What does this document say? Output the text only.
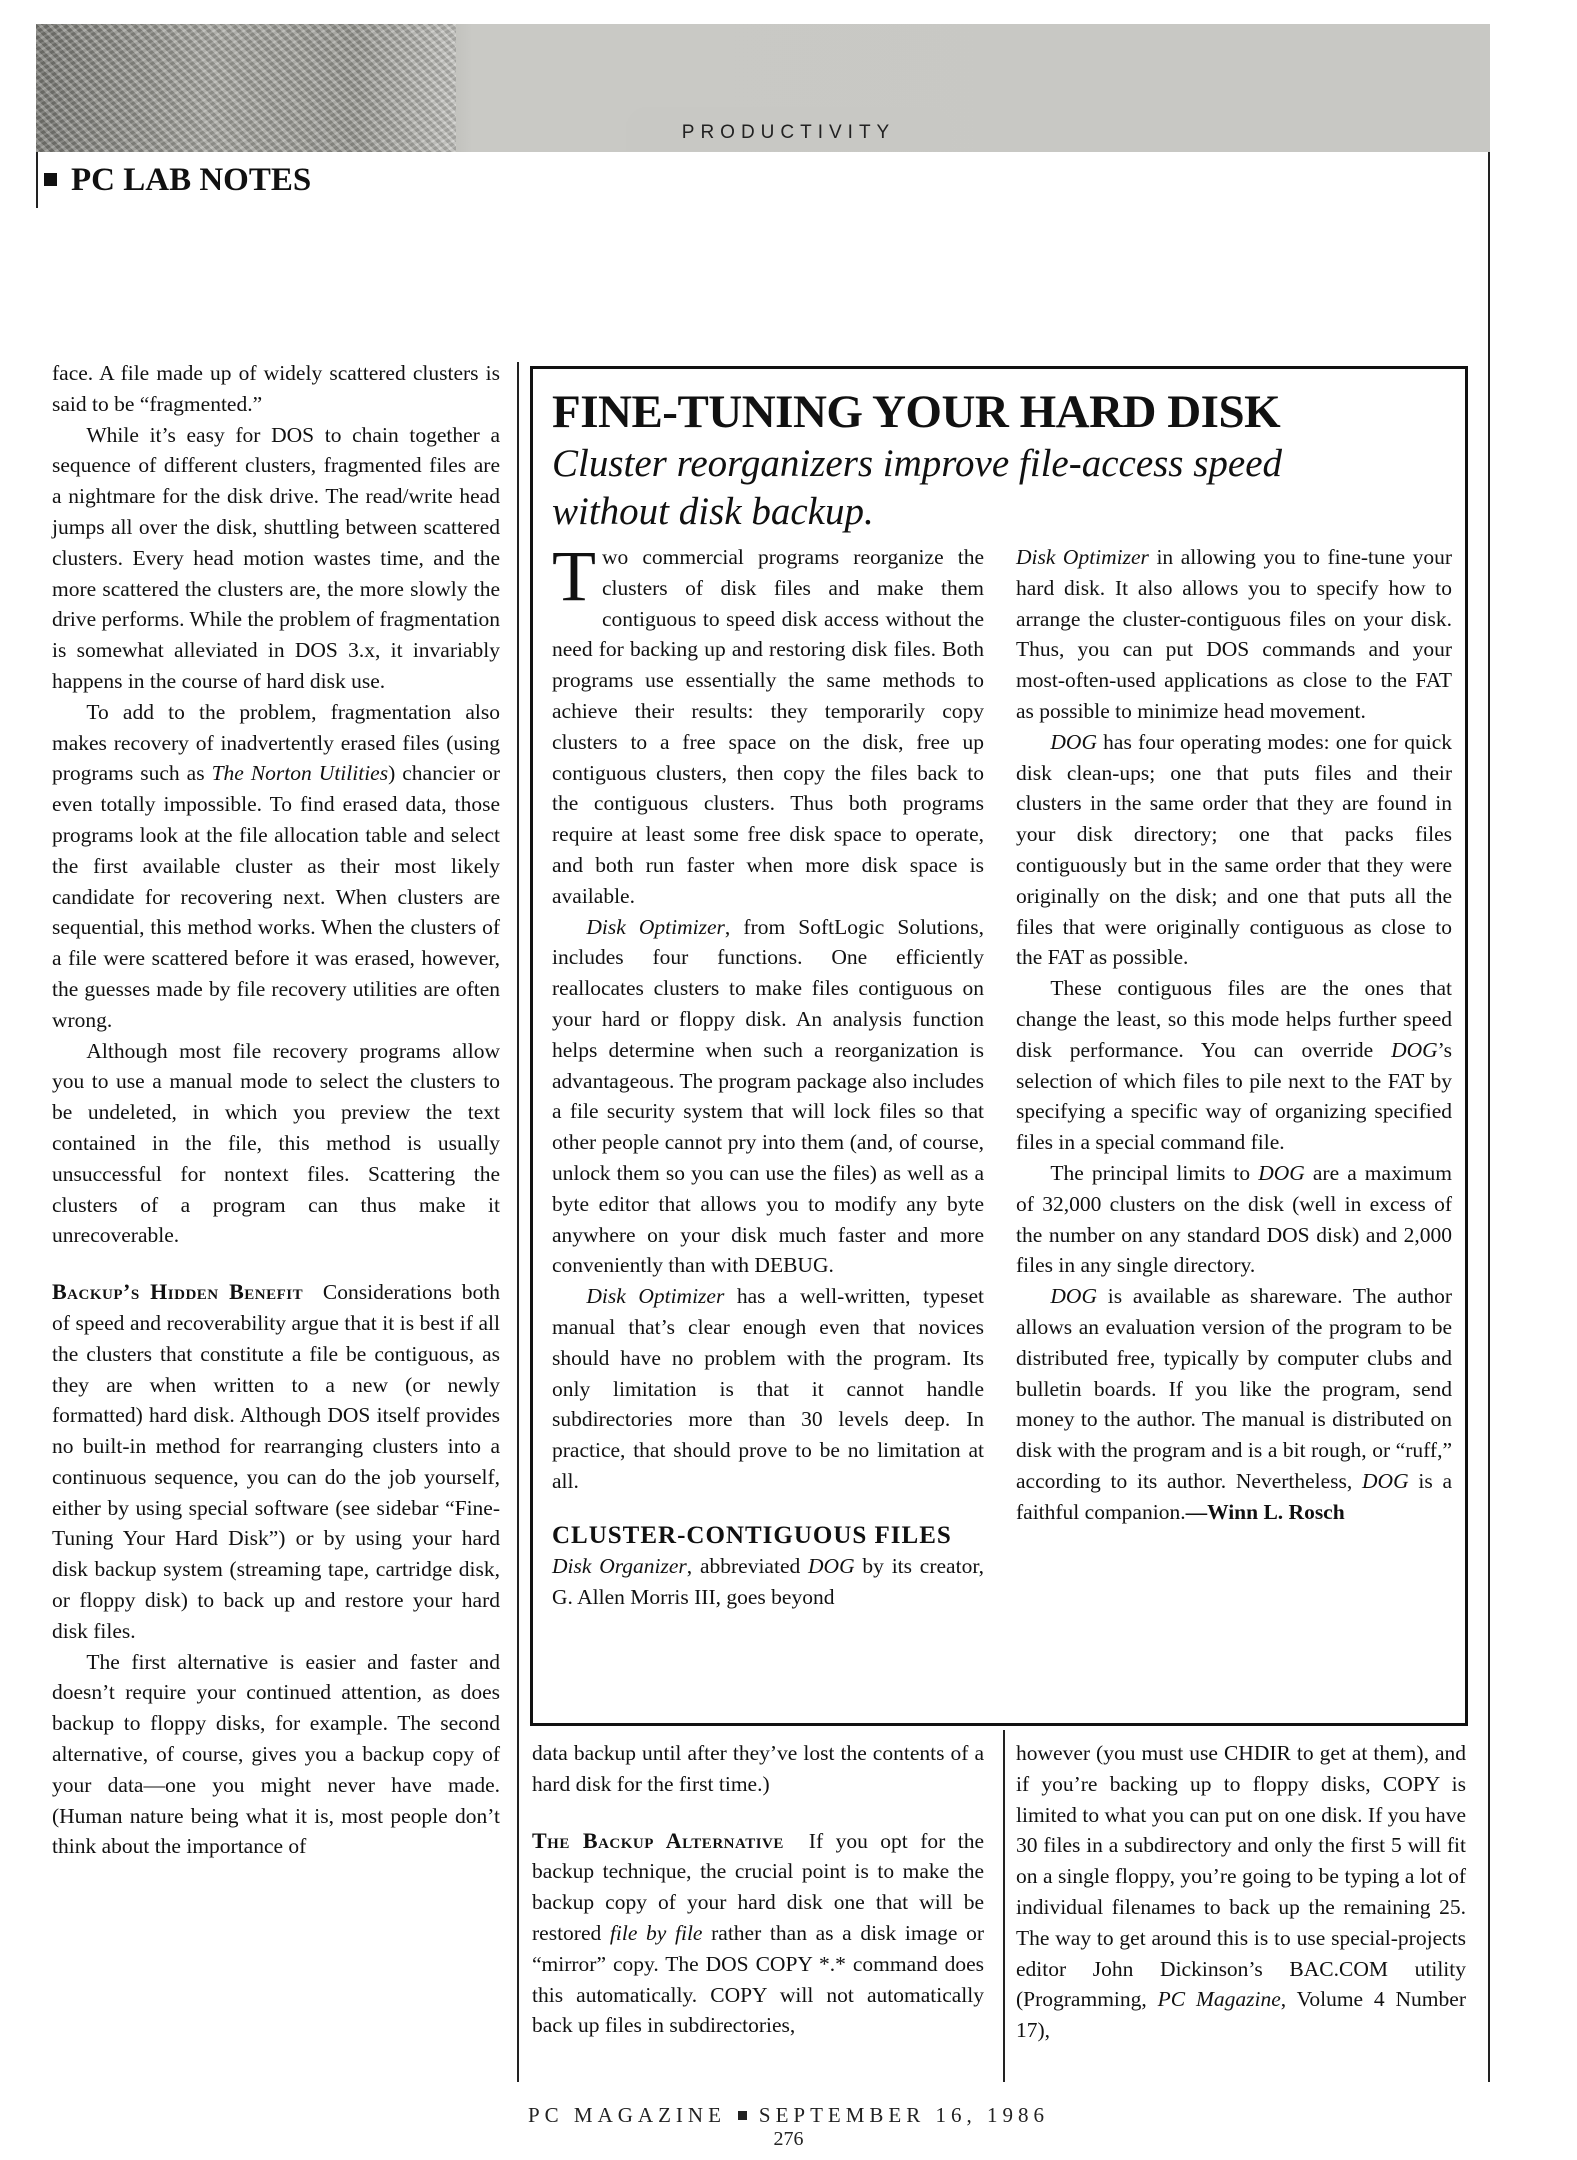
PRODUCTIVITY
PC LAB NOTES

face. A file made up of widely scattered clusters is said to be “fragmented.”

While it’s easy for DOS to chain together a sequence of different clusters, fragmented files are a nightmare for the disk drive. The read/write head jumps all over the disk, shuttling between scattered clusters. Every head motion wastes time, and the more scattered the clusters are, the more slowly the drive performs. While the problem of fragmentation is somewhat alleviated in DOS 3.x, it invariably happens in the course of hard disk use.

To add to the problem, fragmentation also makes recovery of inadvertently erased files (using programs such as The Norton Utilities) chancier or even totally impossible. To find erased data, those programs look at the file allocation table and select the first available cluster as their most likely candidate for recovering next. When clusters are sequential, this method works. When the clusters of a file were scattered before it was erased, however, the guesses made by file recovery utilities are often wrong.

Although most file recovery programs allow you to use a manual mode to select the clusters to be undeleted, in which you preview the text contained in the file, this method is usually unsuccessful for nontext files. Scattering the clusters of a program can thus make it unrecoverable.

Backup’s Hidden Benefit Considerations both of speed and recoverability argue that it is best if all the clusters that constitute a file be contiguous, as they are when written to a new (or newly formatted) hard disk. Although DOS itself provides no built-in method for rearranging clusters into a continuous sequence, you can do the job yourself, either by using special software (see sidebar “Fine-Tuning Your Hard Disk”) or by using your hard disk backup system (streaming tape, cartridge disk, or floppy disk) to back up and restore your hard disk files.

The first alternative is easier and faster and doesn’t require your continued attention, as does backup to floppy disks, for example. The second alternative, of course, gives you a backup copy of your data—one you might never have made. (Human nature being what it is, most people don’t think about the importance of

FINE-TUNING YOUR HARD DISK
Cluster reorganizers improve file-access speed without disk backup.

Two commercial programs reorganize the clusters of disk files and make them contiguous to speed disk access without the need for backing up and restoring disk files. Both programs use essentially the same methods to achieve their results: they temporarily copy clusters to a free space on the disk, free up contiguous clusters, then copy the files back to the contiguous clusters. Thus both programs require at least some free disk space to operate, and both run faster when more disk space is available.

Disk Optimizer, from SoftLogic Solutions, includes four functions. One efficiently reallocates clusters to make files contiguous on your hard or floppy disk. An analysis function helps determine when such a reorganization is advantageous. The program package also includes a file security system that will lock files so that other people cannot pry into them (and, of course, unlock them so you can use the files) as well as a byte editor that allows you to modify any byte anywhere on your disk much faster and more conveniently than with DEBUG.

Disk Optimizer has a well-written, typeset manual that’s clear enough even that novices should have no problem with the program. Its only limitation is that it cannot handle subdirectories more than 30 levels deep. In practice, that should prove to be no limitation at all.

CLUSTER-CONTIGUOUS FILES

Disk Organizer, abbreviated DOG by its creator, G. Allen Morris III, goes beyond

Disk Optimizer in allowing you to fine-tune your hard disk. It also allows you to specify how to arrange the cluster-contiguous files on your disk. Thus, you can put DOS commands and your most-often-used applications as close to the FAT as possible to minimize head movement.

DOG has four operating modes: one for quick disk clean-ups; one that puts files and their clusters in the same order that they are found in your disk directory; one that packs files contiguously but in the same order that they were originally on the disk; and one that puts all the files that were originally contiguous as close to the FAT as possible.

These contiguous files are the ones that change the least, so this mode helps further speed disk performance. You can override DOG’s selection of which files to pile next to the FAT by specifying a specific way of organizing specified files in a special command file.

The principal limits to DOG are a maximum of 32,000 clusters on the disk (well in excess of the number on any standard DOS disk) and 2,000 files in any single directory.

DOG is available as shareware. The author allows an evaluation version of the program to be distributed free, typically by computer clubs and bulletin boards. If you like the program, send money to the author. The manual is distributed on disk with the program and is a bit rough, or “ruff,” according to its author. Nevertheless, DOG is a faithful companion.—Winn L. Rosch

data backup until after they’ve lost the contents of a hard disk for the first time.)

The Backup Alternative If you opt for the backup technique, the crucial point is to make the backup copy of your hard disk one that will be restored file by file rather than as a disk image or “mirror” copy. The DOS COPY *.* command does this automatically. COPY will not automatically back up files in subdirectories,

however (you must use CHDIR to get at them), and if you’re backing up to floppy disks, COPY is limited to what you can put on one disk. If you have 30 files in a subdirectory and only the first 5 will fit on a single floppy, you’re going to be typing a lot of individual filenames to back up the remaining 25. The way to get around this is to use special-projects editor John Dickinson’s BAC.COM utility (Programming, PC Magazine, Volume 4 Number 17),

PC MAGAZINE SEPTEMBER 16, 1986
276
